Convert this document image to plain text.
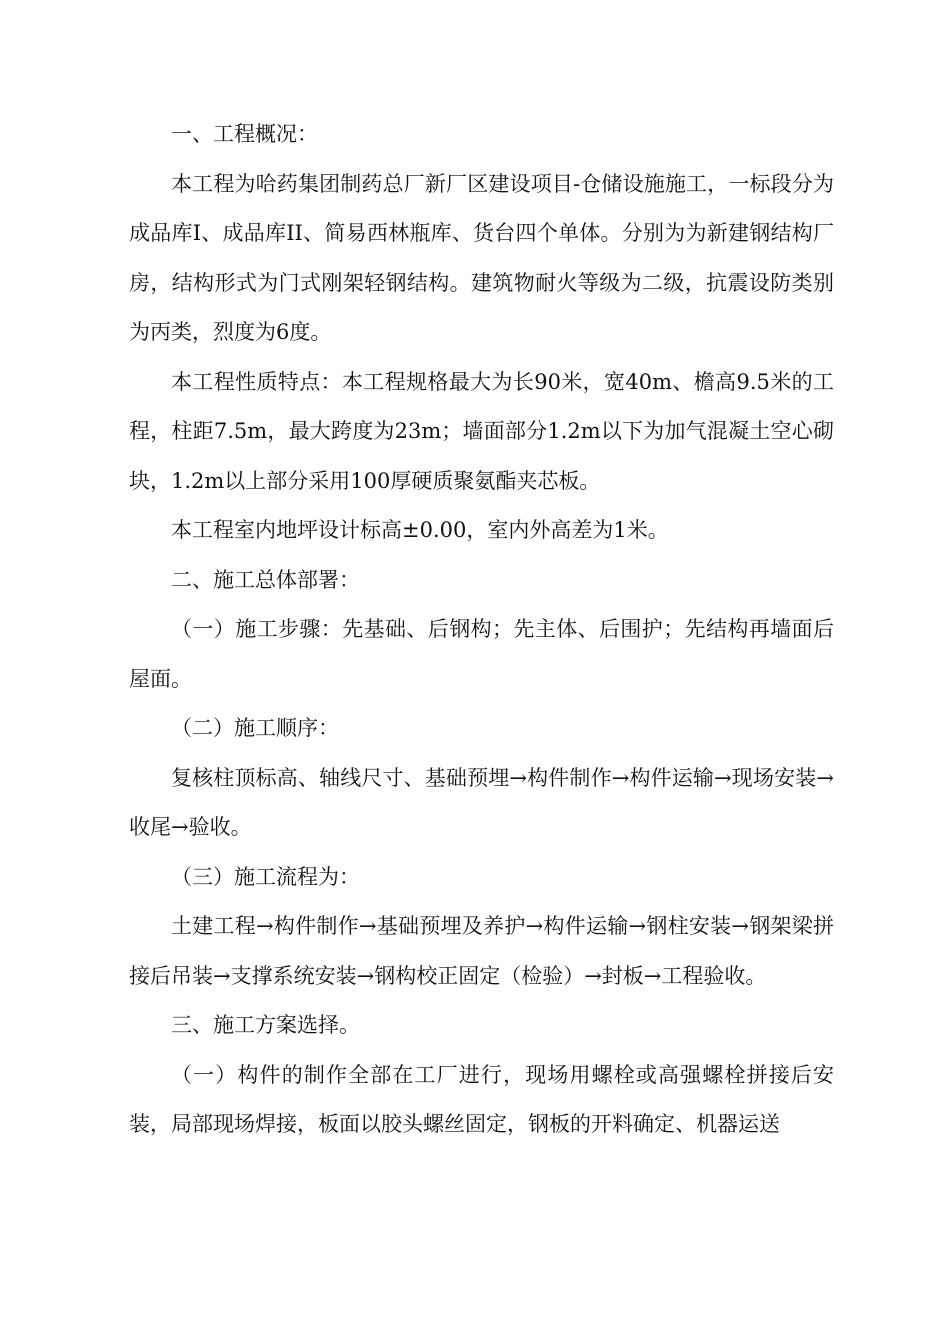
一、工程概况：

本工程为哈药集团制药总厂新厂区建设项目-仓储设施施工，一标段分为成品库I、成品库II、简易西林瓶库、货台四个单体。分别为为新建钢结构厂房，结构形式为门式刚架轻钢结构。建筑物耐火等级为二级，抗震设防类别为丙类，烈度为6度。

本工程性质特点：本工程规格最大为长90米，宽40m、檐高9.5米的工程，柱距7.5m，最大跨度为23m；墙面部分1.2m以下为加气混凝土空心砌块，1.2m以上部分采用100厚硬质聚氨酯夹芯板。

本工程室内地坪设计标高±0.00，室内外高差为1米。

二、施工总体部署：

（一）施工步骤：先基础、后钢构；先主体、后围护；先结构再墙面后屋面。

（二）施工顺序：

复核柱顶标高、轴线尺寸、基础预埋→构件制作→构件运输→现场安装→收尾→验收。

（三）施工流程为：

土建工程→构件制作→基础预埋及养护→构件运输→钢柱安装→钢架梁拼接后吊装→支撑系统安装→钢构校正固定（检验）→封板→工程验收。

三、施工方案选择。

（一）构件的制作全部在工厂进行，现场用螺栓或高强螺栓拼接后安装，局部现场焊接，板面以胶头螺丝固定，钢板的开料确定、机器运送
